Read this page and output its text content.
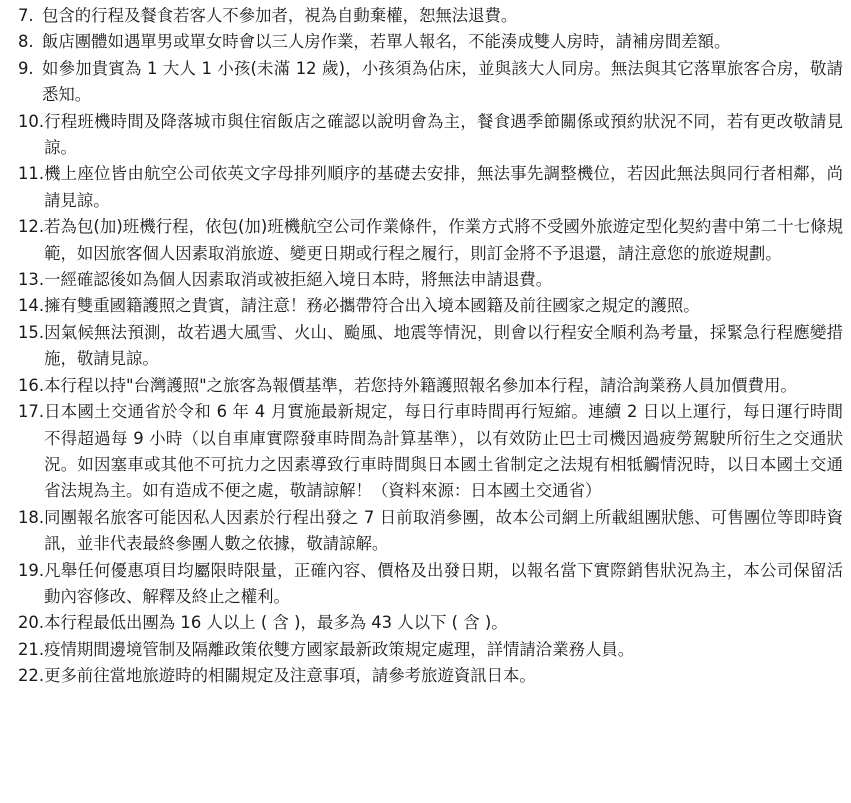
7. 包含的行程及餐食若客人不參加者，視為自動棄權，恕無法退費。
8. 飯店團體如遇單男或單女時會以三人房作業，若單人報名，不能湊成雙人房時，請補房間差額。
9. 如參加貴賓為 1 大人 1 小孩(未滿 12 歲)，小孩須為佔床，並與該大人同房。無法與其它落單旅客合房，敬請悉知。
10. 行程班機時間及降落城市與住宿飯店之確認以說明會為主，餐食遇季節關係或預約狀況不同，若有更改敬請見諒。
11. 機上座位皆由航空公司依英文字母排列順序的基礎去安排，無法事先調整機位，若因此無法與同行者相鄰，尚請見諒。
12. 若為包(加)班機行程，依包(加)班機航空公司作業條件，作業方式將不受國外旅遊定型化契約書中第二十七條規範，如因旅客個人因素取消旅遊、變更日期或行程之履行，則訂金將不予退還，請注意您的旅遊規劃。
13. 一經確認後如為個人因素取消或被拒絕入境日本時，將無法申請退費。
14. 擁有雙重國籍護照之貴賓，請注意！務必攜帶符合出入境本國籍及前往國家之規定的護照。
15. 因氣候無法預測，故若遇大風雪、火山、颱風、地震等情況，則會以行程安全順利為考量，採緊急行程應變措施，敬請見諒。
16. 本行程以持"台灣護照"之旅客為報價基準，若您持外籍護照報名參加本行程，請洽詢業務人員加價費用。
17. 日本國土交通省於令和 6 年 4 月實施最新規定，每日行車時間再行短縮。連續 2 日以上運行，每日運行時間不得超過每 9 小時（以自車庫實際發車時間為計算基準），以有效防止巴士司機因過疲勞駕駛所衍生之交通狀況。如因塞車或其他不可抗力之因素導致行車時間與日本國土省制定之法規有相牴觸情況時，以日本國土交通省法規為主。如有造成不便之處，敬請諒解！（資料來源：日本國土交通省）
18. 同團報名旅客可能因私人因素於行程出發之 7 日前取消參團，故本公司網上所載組團狀態、可售團位等即時資訊，並非代表最終參團人數之依據，敬請諒解。
19. 凡舉任何優惠項目均屬限時限量，正確內容、價格及出發日期，以報名當下實際銷售狀況為主，本公司保留活動內容修改、解釋及終止之權利。
20. 本行程最低出團為 16 人以上 ( 含 )，最多為 43 人以下 ( 含 )。
21. 疫情期間邊境管制及隔離政策依雙方國家最新政策規定處理，詳情請洽業務人員。
22. 更多前往當地旅遊時的相關規定及注意事項，請參考旅遊資訊日本。
